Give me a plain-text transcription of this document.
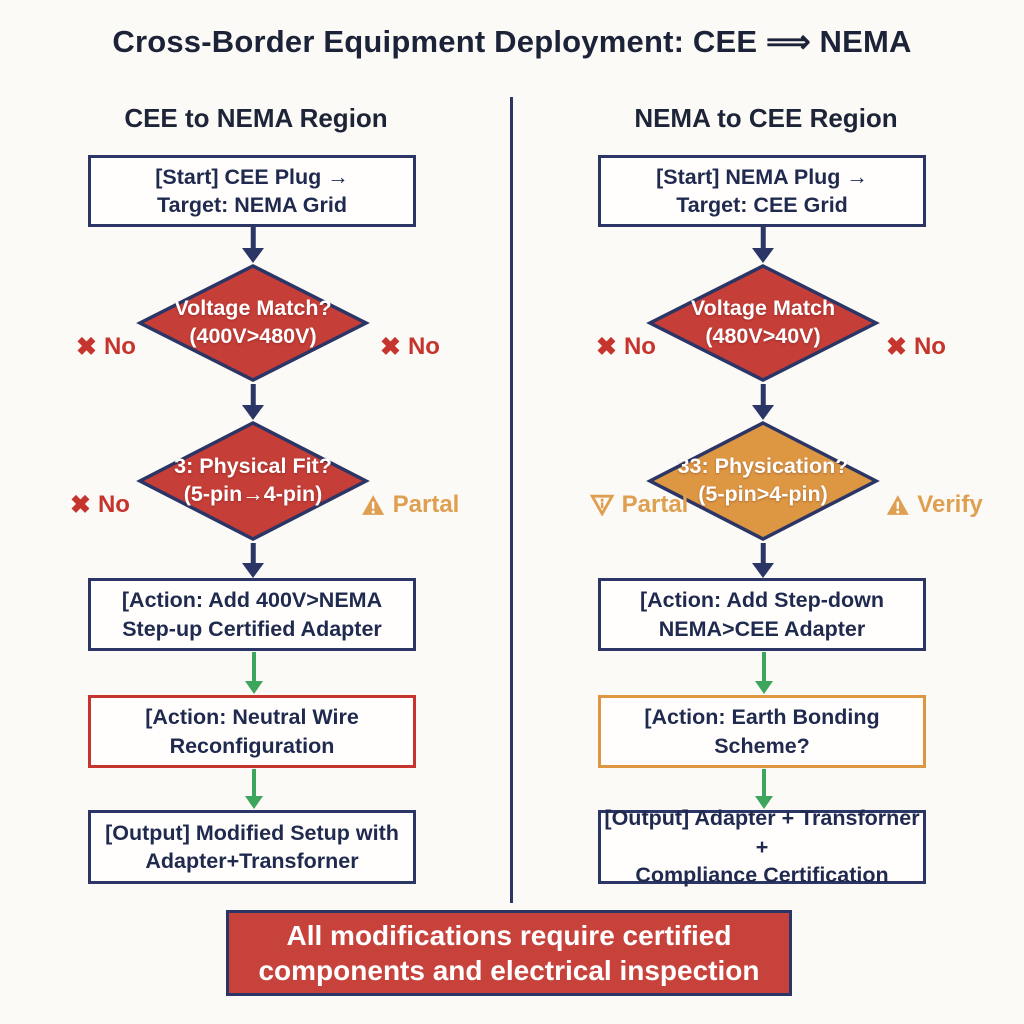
Cross-Border Equipment Deployment: CEE ⟹ NEMA
CEE to NEMA Region
[Start] CEE Plug →
Target: NEMA Grid
Voltage Match?
(400V>480V)
✖ No	✖ No
3: Physical Fit?
(5-pin→4-pin)
✖ No	Partal
[Action: Add 400V>NEMA
Step-up Certified Adapter
[Action: Neutral Wire
Reconfiguration
[Output] Modified Setup with
Adapter+Transforner
NEMA to CEE Region
[Start] NEMA Plug →
Target: CEE Grid
Voltage Match
(480V>40V)
✖ No	✖ No
33: Physication?
(5-pin>4-pin)
Partal	Verify
[Action: Add Step-down
NEMA>CEE Adapter
[Action: Earth Bonding
Scheme?
[Output] Adapter + Transforner +
Compliance Certification
All modifications require certified
components and electrical inspection
